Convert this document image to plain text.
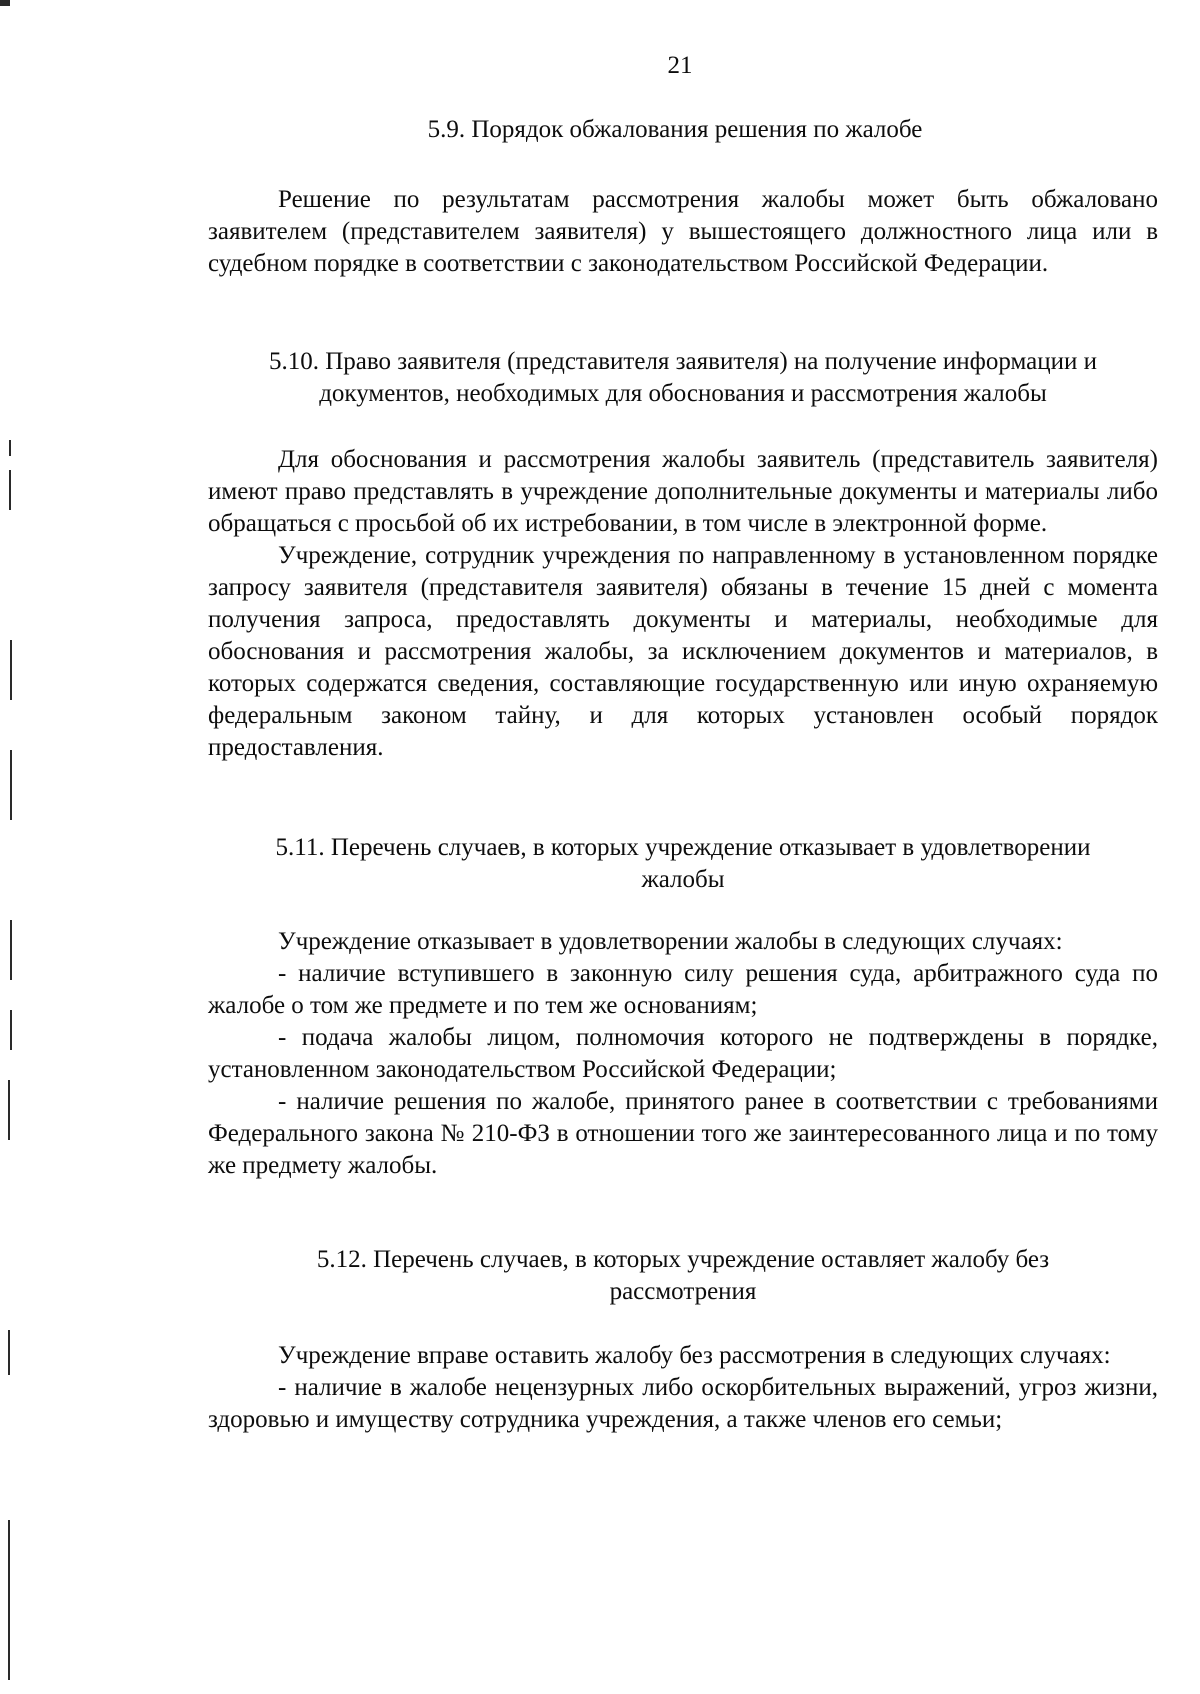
21
5.9. Порядок обжалования решения по жалобе

Решение по результатам рассмотрения жалобы может быть обжаловано заявителем (представителем заявителя) у вышестоящего должностного лица или в судебном порядке в соответствии с законодательством Российской Федерации.

5.10. Право заявителя (представителя заявителя) на получение информации и
документов, необходимых для обоснования и рассмотрения жалобы

Для обоснования и рассмотрения жалобы заявитель (представитель заявителя) имеют право представлять в учреждение дополнительные документы и материалы либо обращаться с просьбой об их истребовании, в том числе в электронной форме.

Учреждение, сотрудник учреждения по направленному в установленном порядке запросу заявителя (представителя заявителя) обязаны в течение 15 дней с момента получения запроса, предоставлять документы и материалы, необходимые для обоснования и рассмотрения жалобы, за исключением документов и материалов, в которых содержатся сведения, составляющие государственную или иную охраняемую федеральным законом тайну, и для которых установлен особый порядок предоставления.

5.11. Перечень случаев, в которых учреждение отказывает в удовлетворении
жалобы

Учреждение отказывает в удовлетворении жалобы в следующих случаях:

- наличие вступившего в законную силу решения суда, арбитражного суда по жалобе о том же предмете и по тем же основаниям;

- подача жалобы лицом, полномочия которого не подтверждены в порядке, установленном законодательством Российской Федерации;

- наличие решения по жалобе, принятого ранее в соответствии с требованиями Федерального закона № 210-ФЗ в отношении того же заинтересованного лица и по тому же предмету жалобы.

5.12. Перечень случаев, в которых учреждение оставляет жалобу без
рассмотрения

Учреждение вправе оставить жалобу без рассмотрения в следующих случаях:

- наличие в жалобе нецензурных либо оскорбительных выражений, угроз жизни, здоровью и имуществу сотрудника учреждения, а также членов его семьи;
